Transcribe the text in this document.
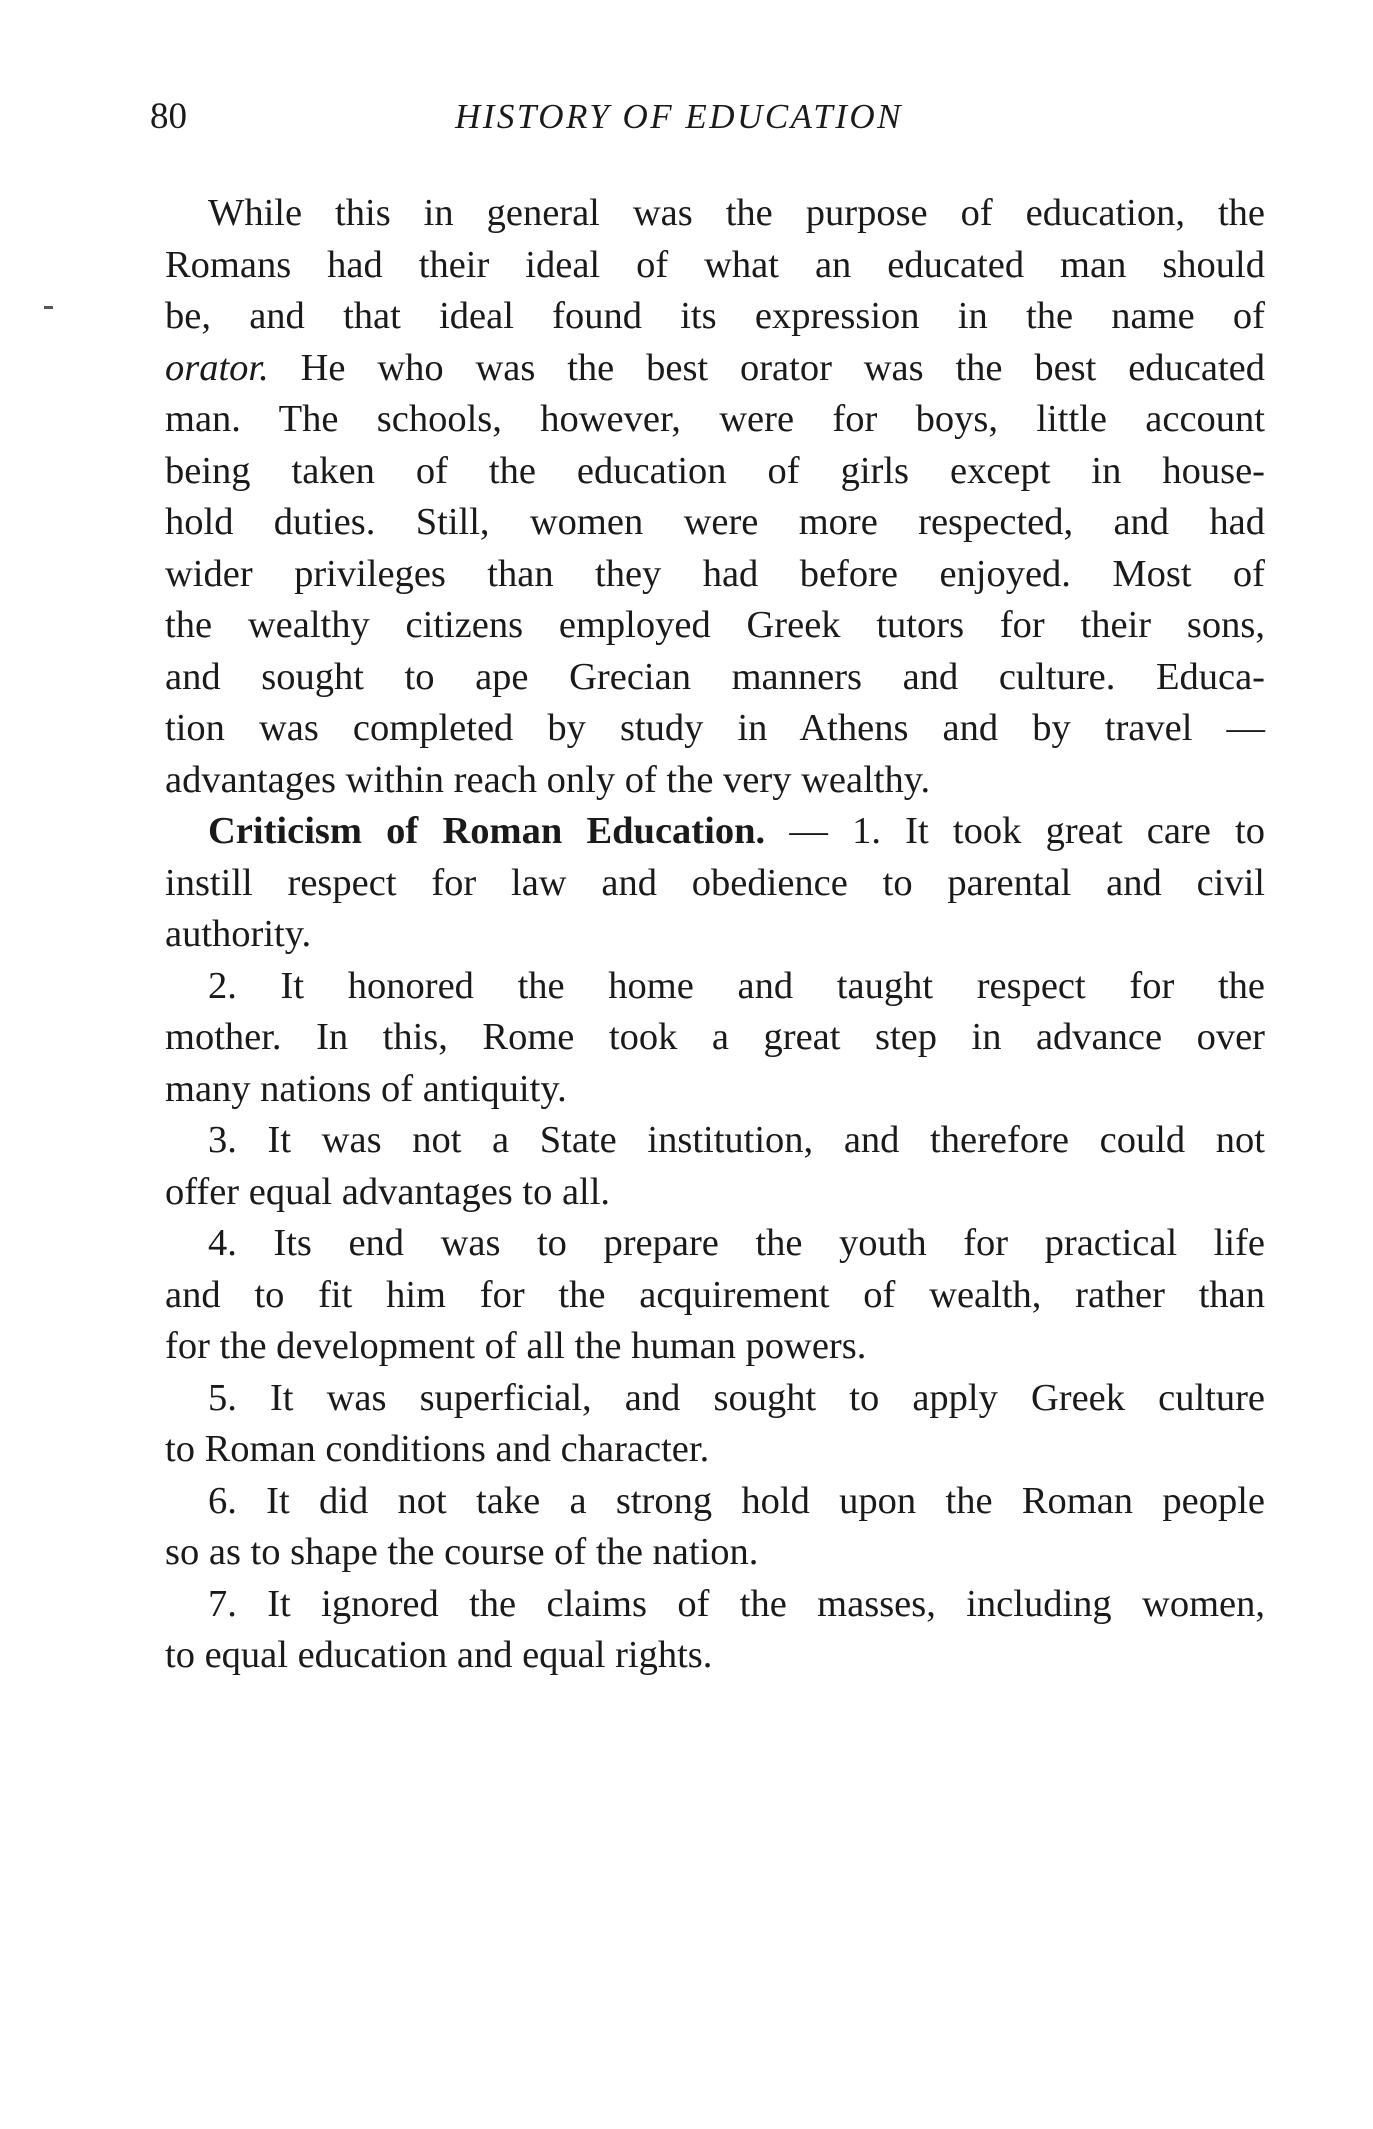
80	HISTORY OF EDUCATION
While this in general was the purpose of education, the
Romans had their ideal of what an educated man should
be, and that ideal found its expression in the name of
orator. He who was the best orator was the best educated
man. The schools, however, were for boys, little account
being taken of the education of girls except in house-
hold duties. Still, women were more respected, and had
wider privileges than they had before enjoyed. Most of
the wealthy citizens employed Greek tutors for their sons,
and sought to ape Grecian manners and culture. Educa-
tion was completed by study in Athens and by travel —
advantages within reach only of the very wealthy.
Criticism of Roman Education. — 1. It took great care to
instill respect for law and obedience to parental and civil
authority.
2. It honored the home and taught respect for the
mother. In this, Rome took a great step in advance over
many nations of antiquity.
3. It was not a State institution, and therefore could not
offer equal advantages to all.
4. Its end was to prepare the youth for practical life
and to fit him for the acquirement of wealth, rather than
for the development of all the human powers.
5. It was superficial, and sought to apply Greek culture
to Roman conditions and character.
6. It did not take a strong hold upon the Roman people
so as to shape the course of the nation.
7. It ignored the claims of the masses, including women,
to equal education and equal rights.
